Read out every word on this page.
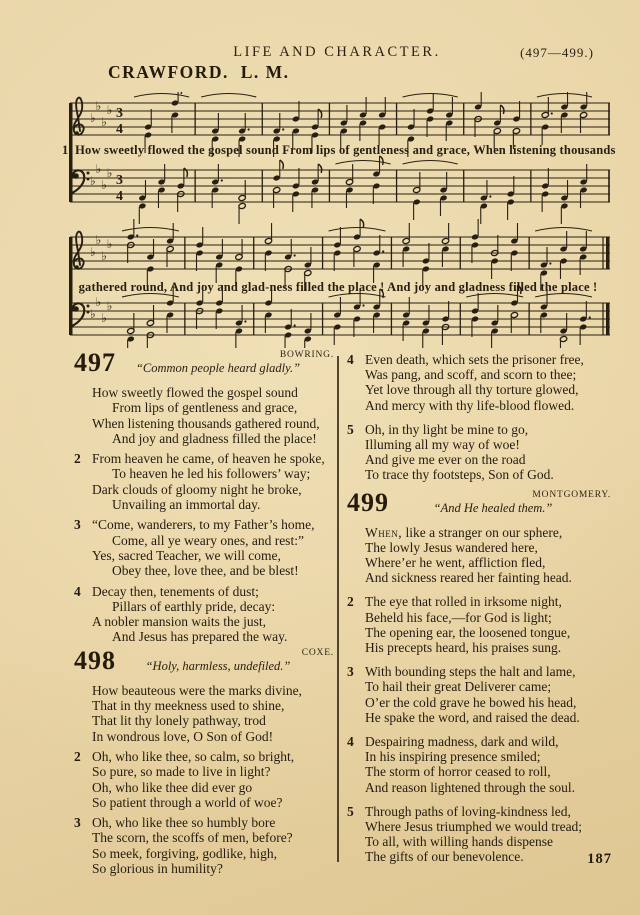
LIFE AND CHARACTER.	(497—499.)
CRAWFORD. L. M.
♭
♭
♭
♭ 3
4
♭
♭
♭
♭ 3
4
♭
♭
♭
♭
♭
♭
♭
♭
1. How sweetly flowed the gospel sound From lips of gentleness and grace, When listening thousands
gathered round, And joy and glad-ness filled the place ! And joy and gladness filled the place !
497	BOWRING.
“Common people heard gladly.”
How sweetly flowed the gospel sound
From lips of gentleness and grace,
When listening thousands gathered round,
And joy and gladness filled the place!
2 From heaven he came, of heaven he spoke,
To heaven he led his followers’ way;
Dark clouds of gloomy night he broke,
Unvailing an immortal day.
3 “Come, wanderers, to my Father’s home,
Come, all ye weary ones, and rest:”
Yes, sacred Teacher, we will come,
Obey thee, love thee, and be blest!
4 Decay then, tenements of dust;
Pillars of earthly pride, decay:
A nobler mansion waits the just,
And Jesus has prepared the way.
498	COXE.
“Holy, harmless, undefiled.”
How beauteous were the marks divine,
That in thy meekness used to shine,
That lit thy lonely pathway, trod
In wondrous love, O Son of God!
2 Oh, who like thee, so calm, so bright,
So pure, so made to live in light?
Oh, who like thee did ever go
So patient through a world of woe?
3 Oh, who like thee so humbly bore
The scorn, the scoffs of men, before?
So meek, forgiving, godlike, high,
So glorious in humility?
4 Even death, which sets the prisoner free,
Was pang, and scoff, and scorn to thee;
Yet love through all thy torture glowed,
And mercy with thy life-blood flowed.
5 Oh, in thy light be mine to go,
Illuming all my way of woe!
And give me ever on the road
To trace thy footsteps, Son of God.
499	MONTGOMERY.
“And He healed them.”
When, like a stranger on our sphere,
The lowly Jesus wandered here,
Where’er he went, affliction fled,
And sickness reared her fainting head.
2 The eye that rolled in irksome night,
Beheld his face,—for God is light;
The opening ear, the loosened tongue,
His precepts heard, his praises sung.
3 With bounding steps the halt and lame,
To hail their great Deliverer came;
O’er the cold grave he bowed his head,
He spake the word, and raised the dead.
4 Despairing madness, dark and wild,
In his inspiring presence smiled;
The storm of horror ceased to roll,
And reason lightened through the soul.
5 Through paths of loving-kindness led,
Where Jesus triumphed we would tread;
To all, with willing hands dispense
The gifts of our benevolence.	187
